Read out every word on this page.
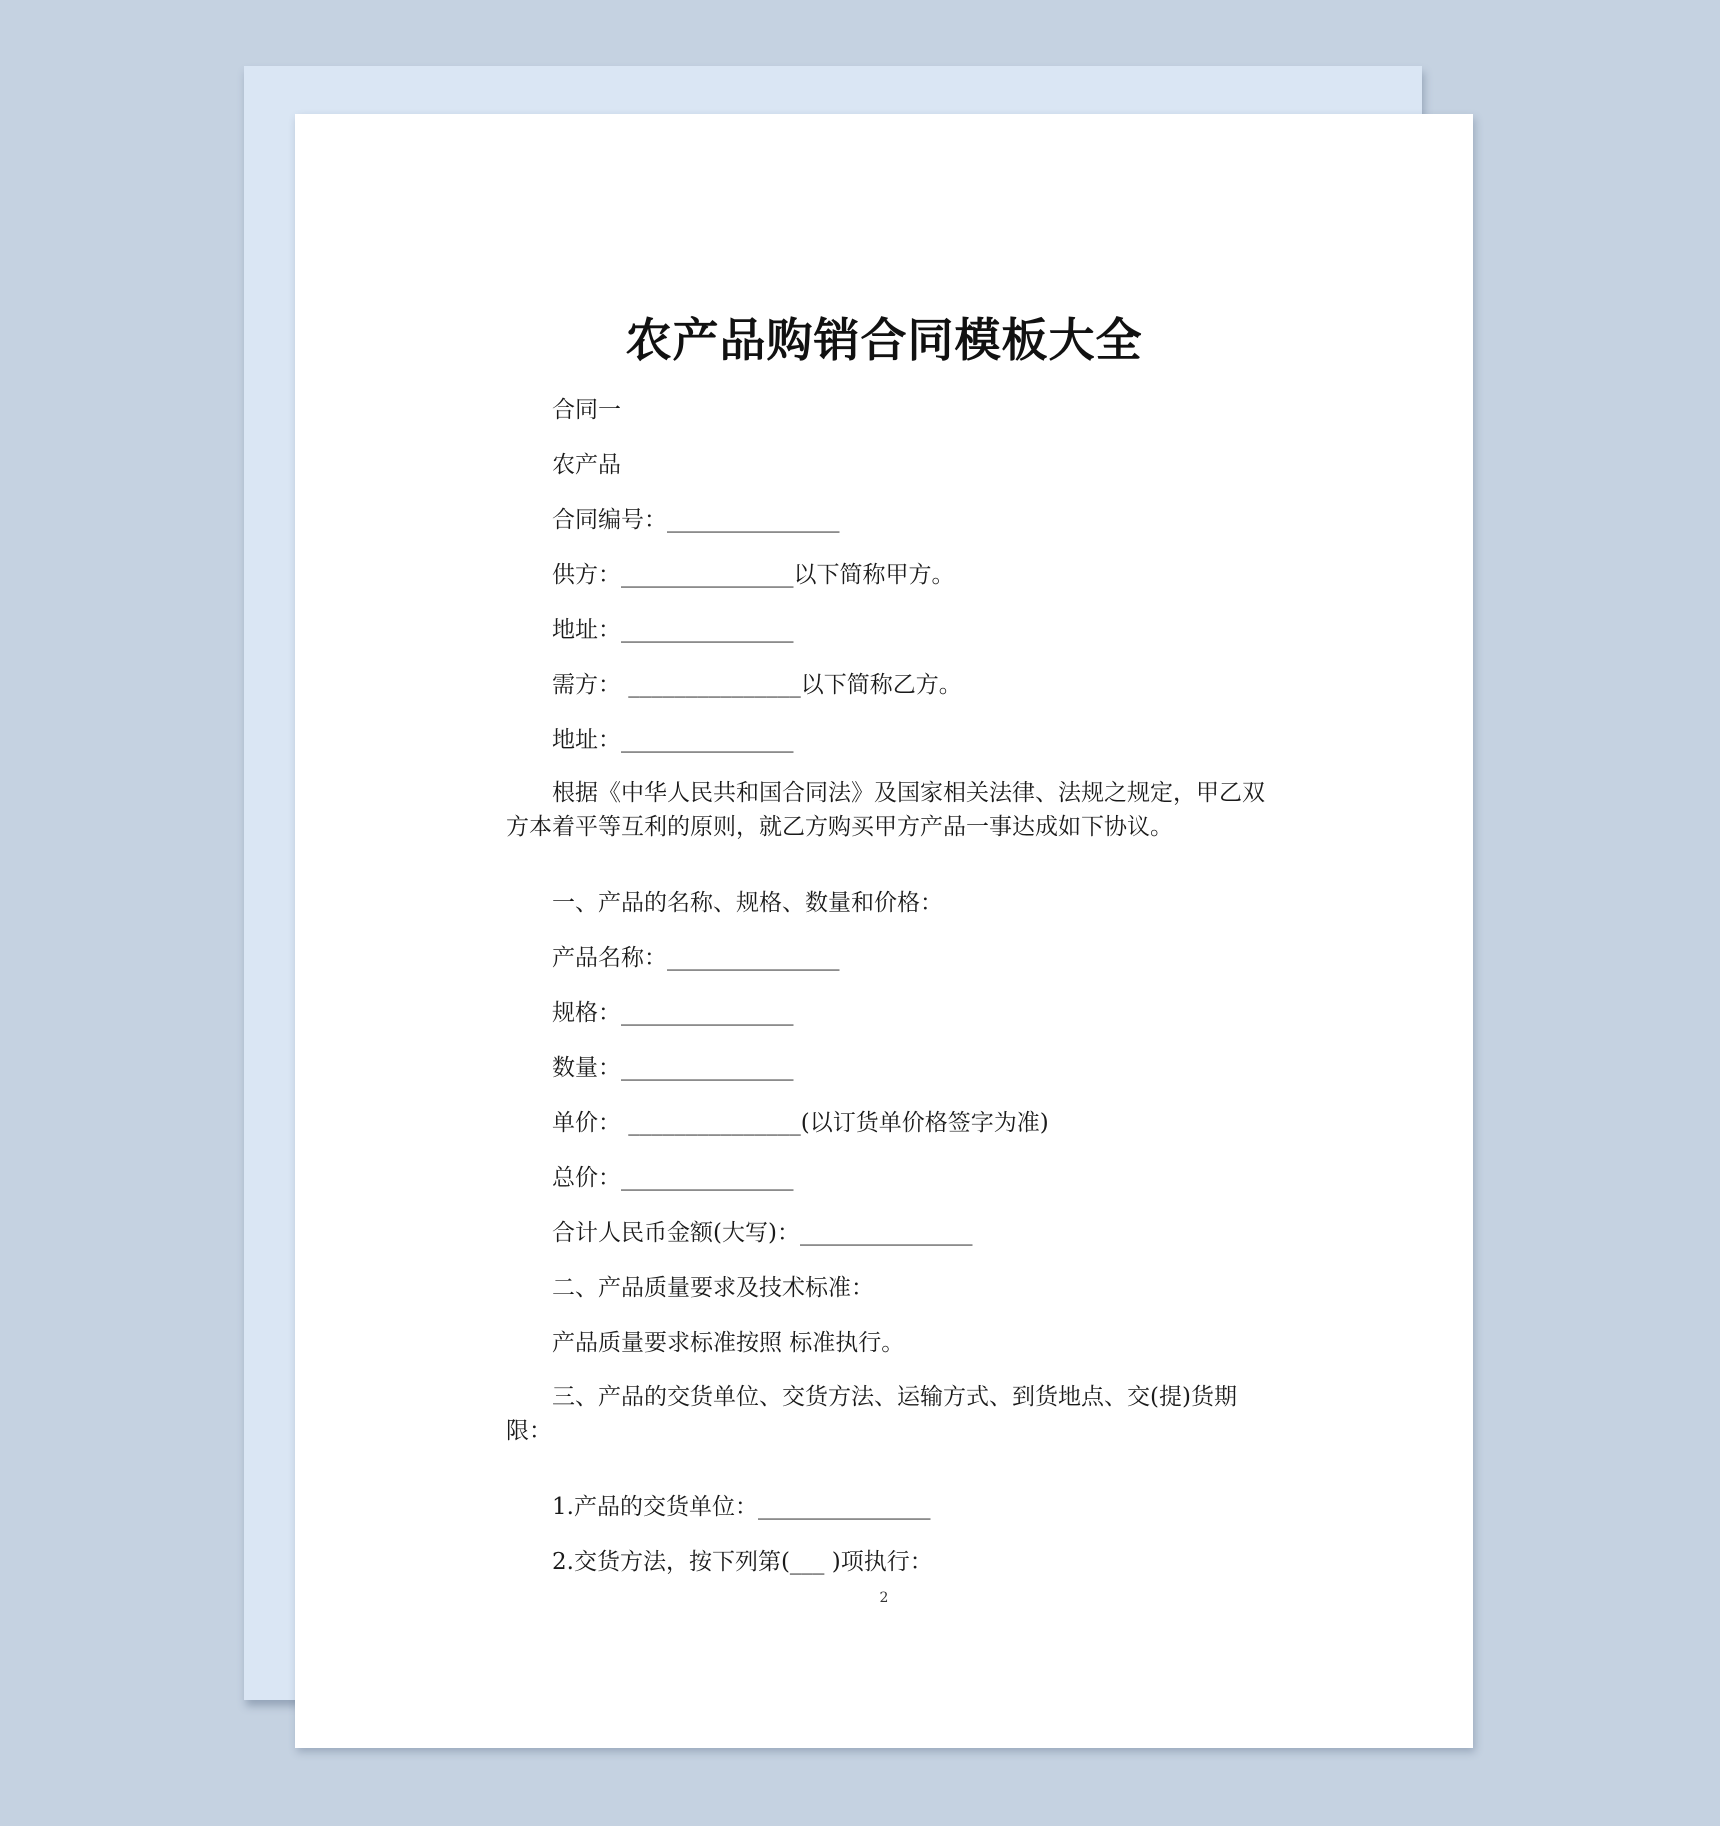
农产品购销合同模板大全

合同一

农产品

合同编号：_______________

供方：_______________以下简称甲方。

地址：_______________

需方： _______________以下简称乙方。

地址：_______________

根据《中华人民共和国合同法》及国家相关法律、法规之规定，甲乙双方本着平等互利的原则，就乙方购买甲方产品一事达成如下协议。

一、产品的名称、规格、数量和价格：

产品名称：_______________

规格：_______________

数量：_______________

单价： _______________(以订货单价格签字为准)

总价：_______________

合计人民币金额(大写)：_______________

二、产品质量要求及技术标准：

产品质量要求标准按照 标准执行。

三、产品的交货单位、交货方法、运输方式、到货地点、交(提)货期限：

1.产品的交货单位：_______________

2.交货方法，按下列第(___ )项执行：

2
